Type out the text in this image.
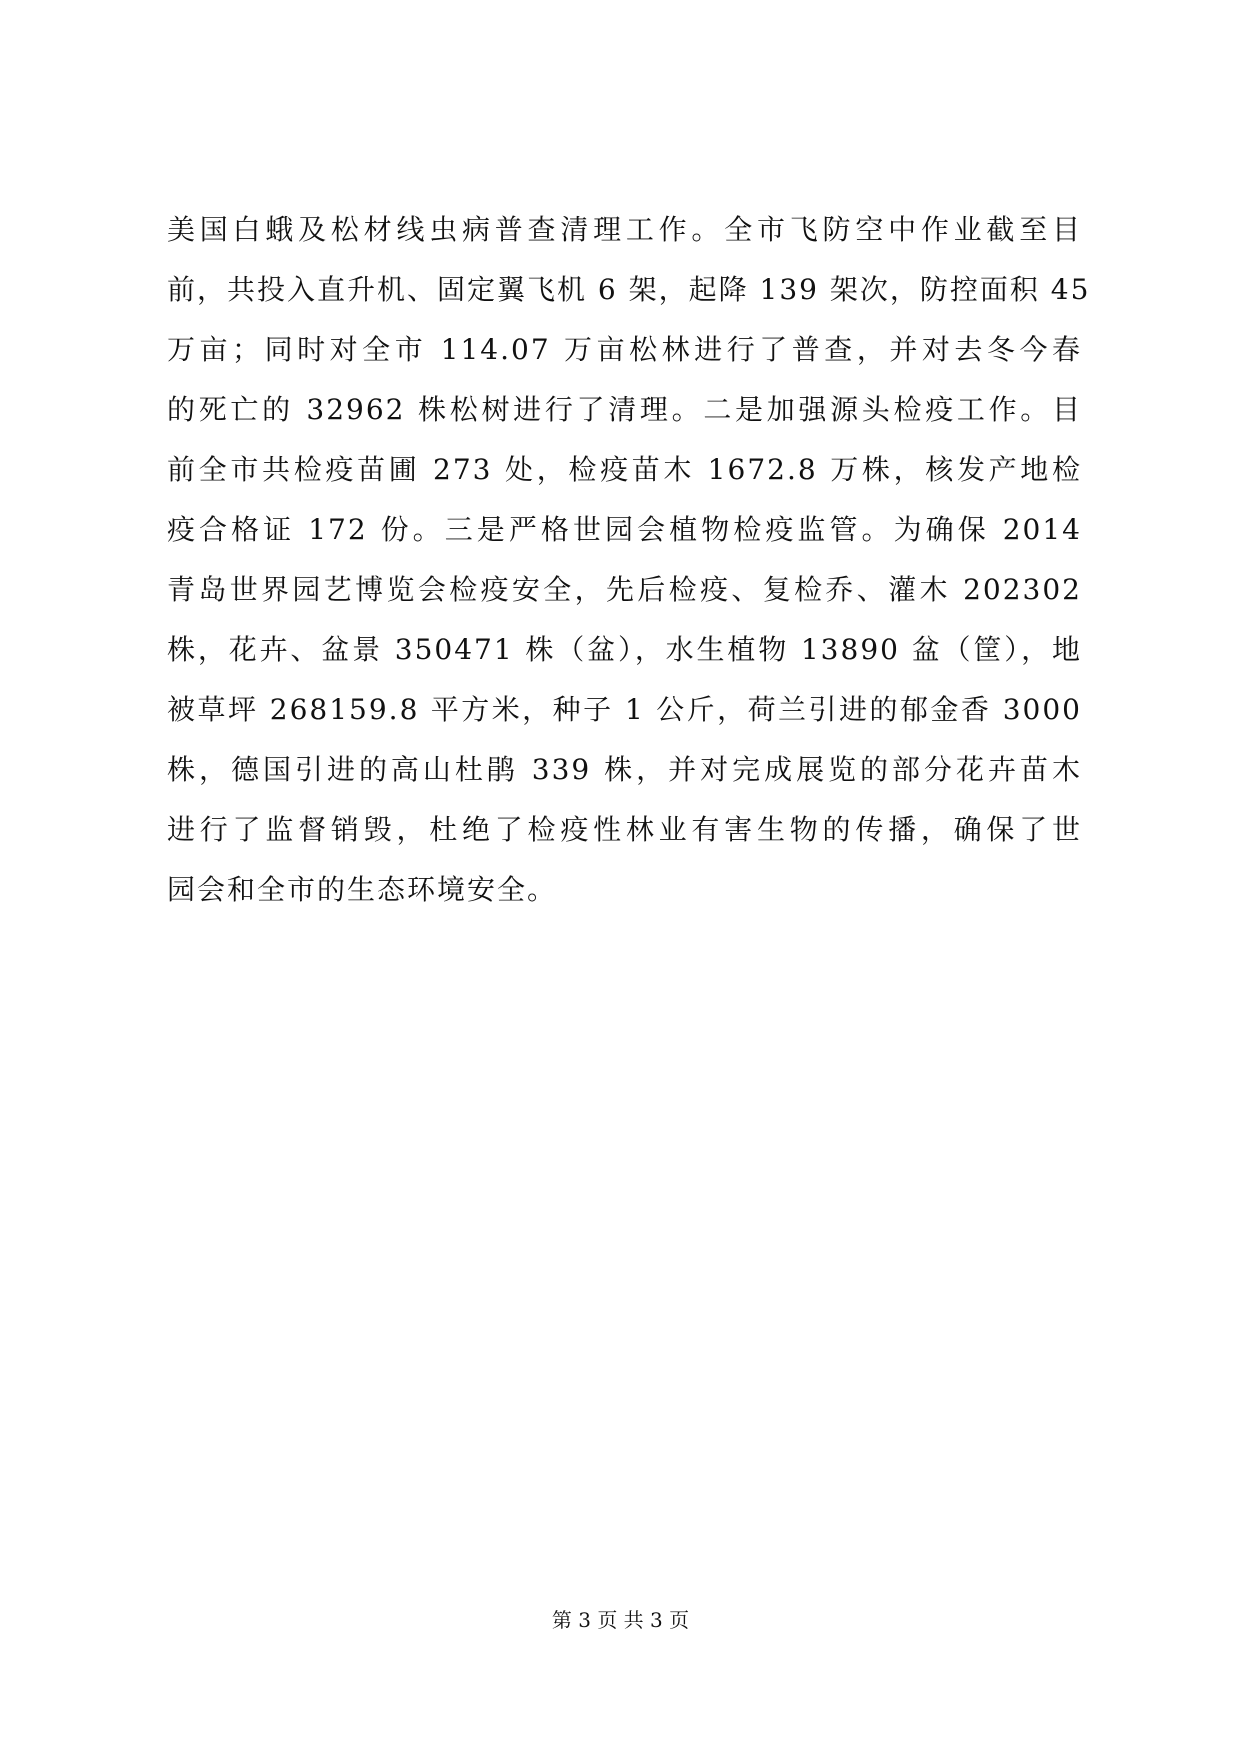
美国白蛾及松材线虫病普查清理工作。全市飞防空中作业截至目
前，共投入直升机、固定翼飞机 6 架，起降 139 架次，防控面积 45
万亩；同时对全市 114.07 万亩松林进行了普查，并对去冬今春
的死亡的 32962 株松树进行了清理。二是加强源头检疫工作。目
前全市共检疫苗圃 273 处，检疫苗木 1672.8 万株，核发产地检
疫合格证 172 份。三是严格世园会植物检疫监管。为确保 2014
青岛世界园艺博览会检疫安全，先后检疫、复检乔、灌木 202302
株，花卉、盆景 350471 株（盆），水生植物 13890 盆（筐），地
被草坪 268159.8 平方米，种子 1 公斤，荷兰引进的郁金香 3000
株，德国引进的高山杜鹃 339 株，并对完成展览的部分花卉苗木
进行了监督销毁，杜绝了检疫性林业有害生物的传播，确保了世
园会和全市的生态环境安全。
第 3 页 共 3 页
